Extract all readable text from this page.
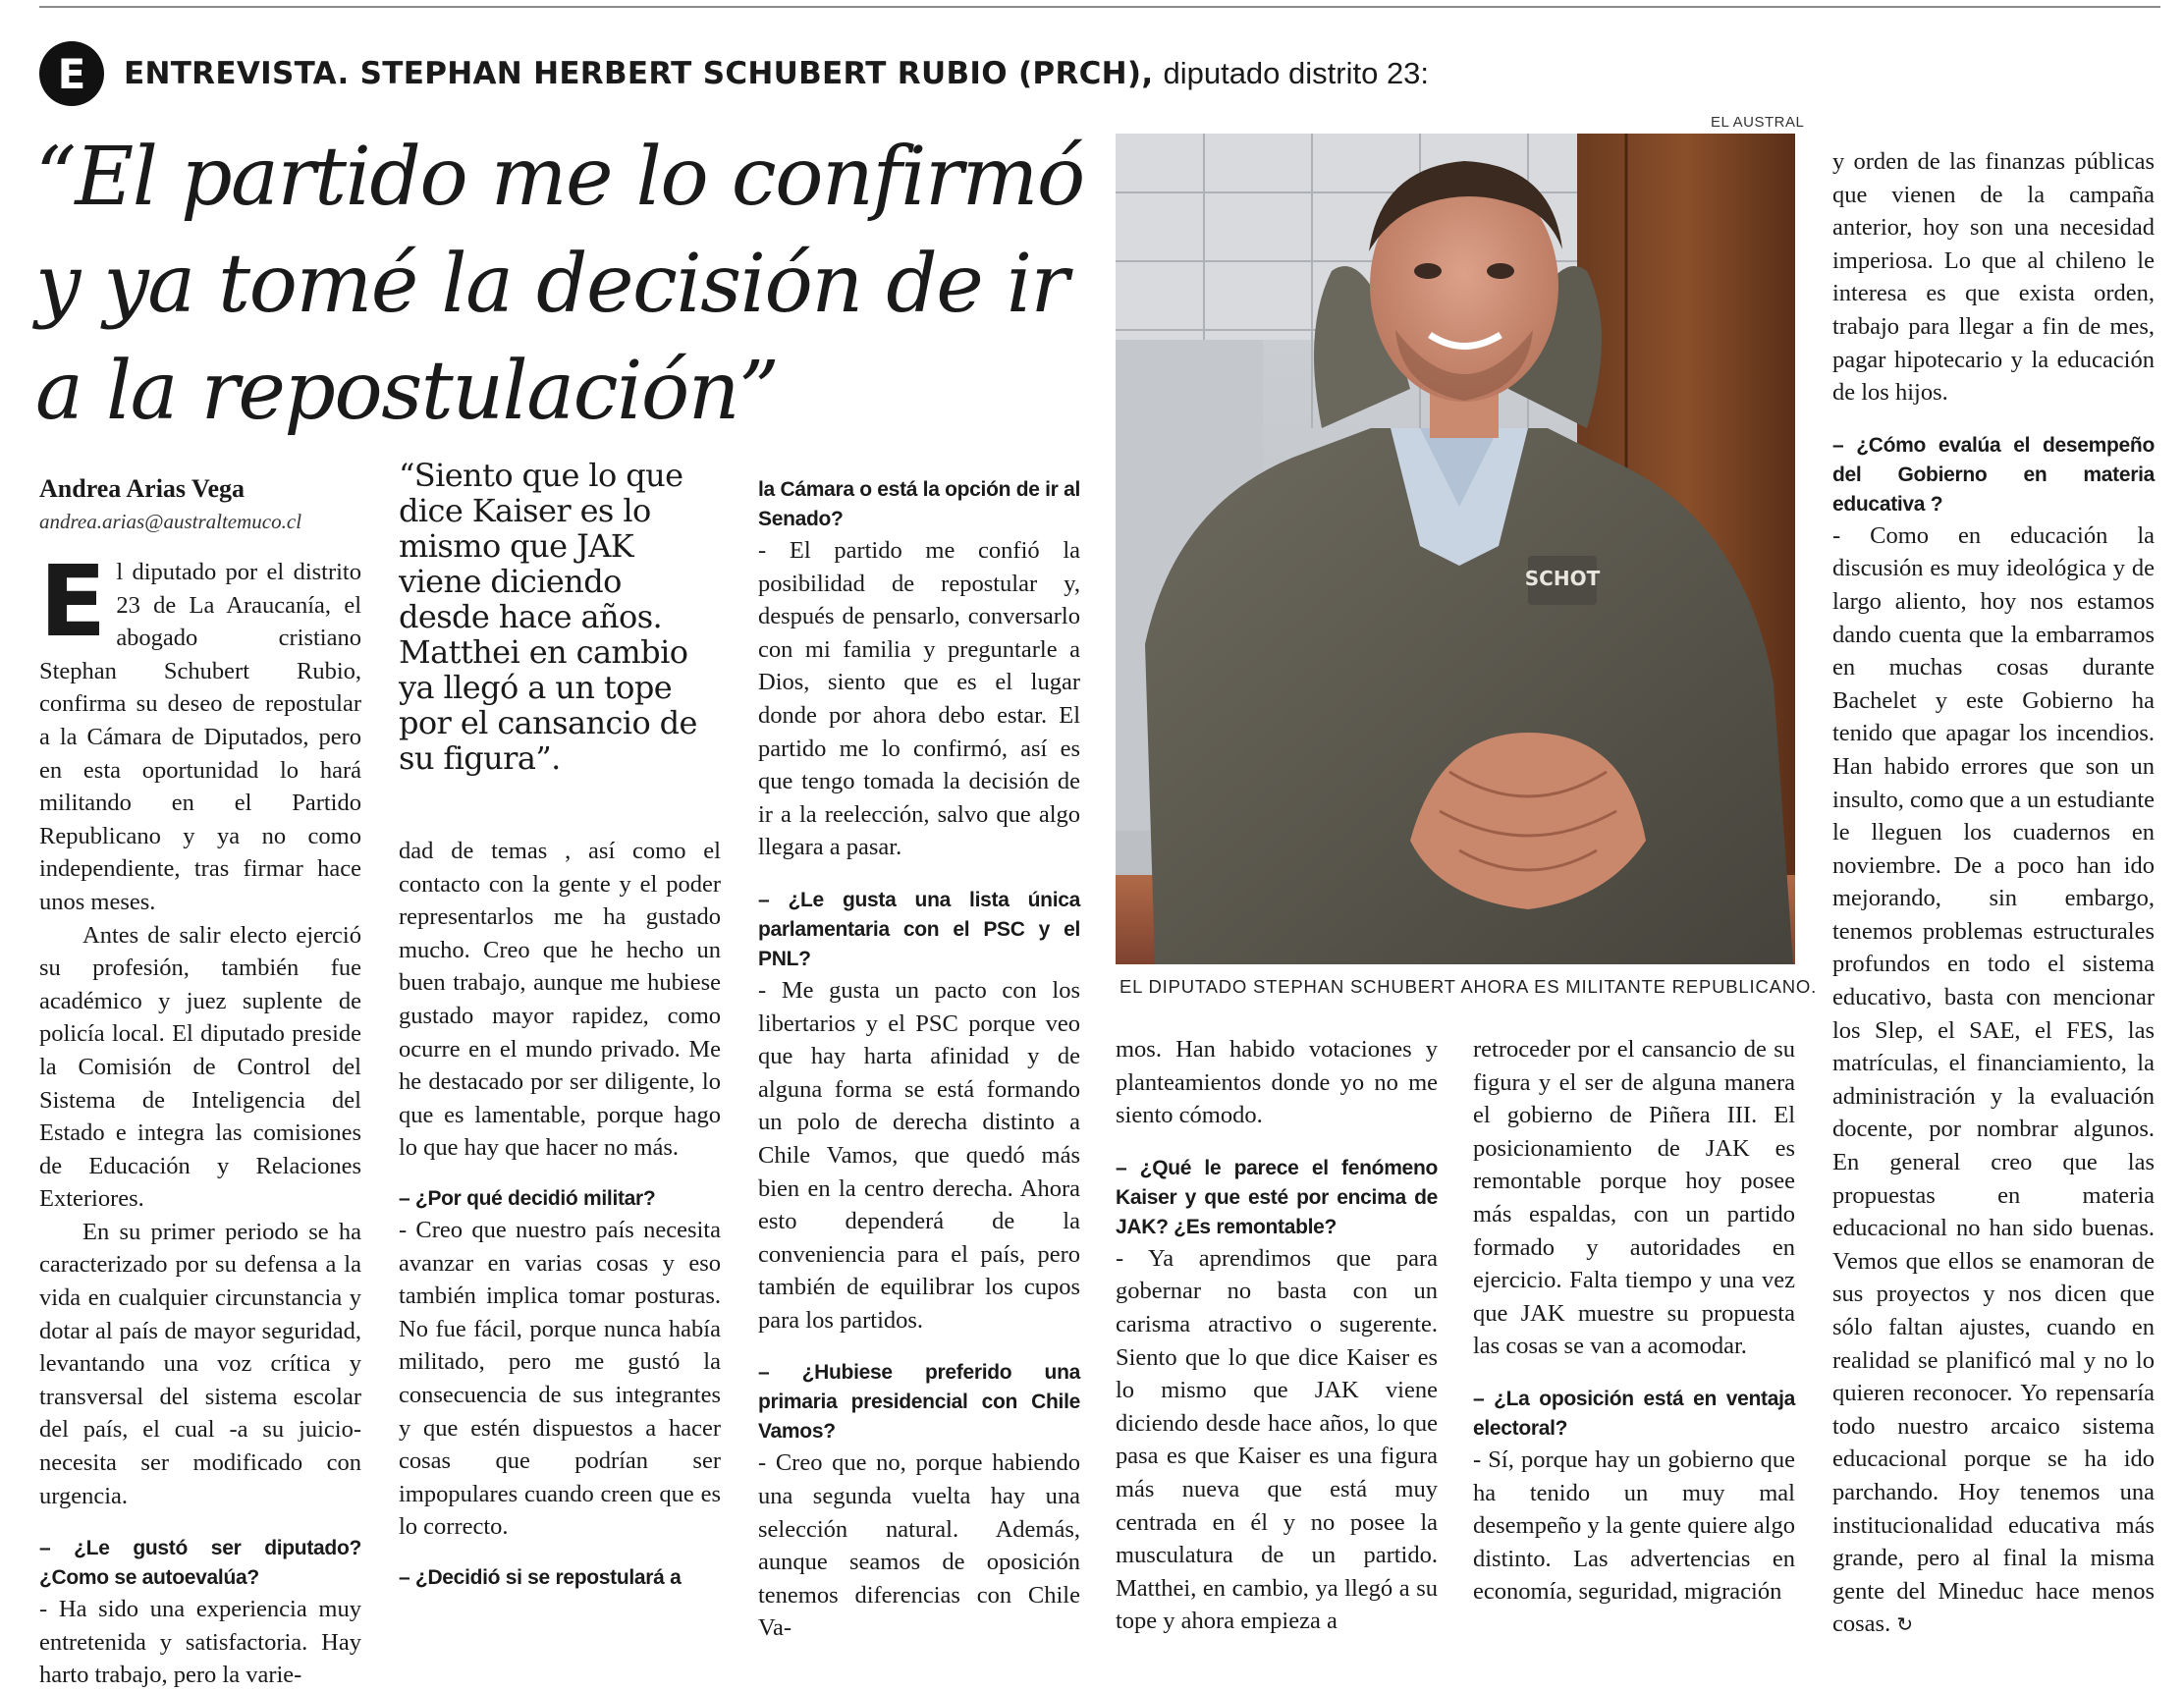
E	ENTREVISTA. STEPHAN HERBERT SCHUBERT RUBIO (PRCH), diputado distrito 23:
“El partido me lo confirmó
y ya tomé la decisión de ir
a la repostulación”
EL AUSTRAL
SCHOT
EL DIPUTADO STEPHAN SCHUBERT AHORA ES MILITANTE REPUBLICANO.
Andrea Arias Vega
andrea.arias@australtemuco.cl

El diputado por el distrito 23 de La Araucanía, el abogado cristiano Stephan Schubert Rubio, confirma su deseo de repostular a la Cámara de Diputados, pero en esta oportunidad lo hará militando en el Partido Republicano y ya no como independiente, tras firmar hace unos meses.

Antes de salir electo ejerció su profesión, también fue académico y juez suplente de policía local. El diputado preside la Comisión de Control del Sistema de Inteligencia del Estado e integra las comisiones de Educación y Relaciones Exteriores.

En su primer periodo se ha caracterizado por su defensa a la vida en cualquier circunstancia y dotar al país de mayor seguridad, levantando una voz crítica y transversal del sistema escolar del país, el cual -a su juicio- necesita ser modificado con urgencia.

– ¿Le gustó ser diputado? ¿Como se autoevalúa?

- Ha sido una experiencia muy entretenida y satisfactoria. Hay harto trabajo, pero la varie-

“Siento que lo que dice Kaiser es lo mismo que JAK viene diciendo desde hace años. Matthei en cambio ya llegó a un tope por el cansancio de su figura”.

dad de temas , así como el contacto con la gente y el poder representarlos me ha gustado mucho. Creo que he hecho un buen trabajo, aunque me hubiese gustado mayor rapidez, como ocurre en el mundo privado. Me he destacado por ser diligente, lo que es lamentable, porque hago lo que hay que hacer no más.

– ¿Por qué decidió militar?

- Creo que nuestro país necesita avanzar en varias cosas y eso también implica tomar posturas. No fue fácil, porque nunca había militado, pero me gustó la consecuencia de sus integrantes y que estén dispuestos a hacer cosas que podrían ser impopulares cuando creen que es lo correcto.

– ¿Decidió si se repostulará a

la Cámara o está la opción de ir al Senado?

- El partido me confió la posibilidad de repostular y, después de pensarlo, conversarlo con mi familia y preguntarle a Dios, siento que es el lugar donde por ahora debo estar. El partido me lo confirmó, así es que tengo tomada la decisión de ir a la reelección, salvo que algo llegara a pasar.

– ¿Le gusta una lista única parlamentaria con el PSC y el PNL?

- Me gusta un pacto con los libertarios y el PSC porque veo que hay harta afinidad y de alguna forma se está formando un polo de derecha distinto a Chile Vamos, que quedó más bien en la centro derecha. Ahora esto dependerá de la conveniencia para el país, pero también de equilibrar los cupos para los partidos.

– ¿Hubiese preferido una primaria presidencial con Chile Vamos?

- Creo que no, porque habiendo una segunda vuelta hay una selección natural. Además, aunque seamos de oposición tenemos diferencias con Chile Va-

mos. Han habido votaciones y planteamientos donde yo no me siento cómodo.

– ¿Qué le parece el fenómeno Kaiser y que esté por encima de JAK? ¿Es remontable?

- Ya aprendimos que para gobernar no basta con un carisma atractivo o sugerente. Siento que lo que dice Kaiser es lo mismo que JAK viene diciendo desde hace años, lo que pasa es que Kaiser es una figura más nueva que está muy centrada en él y no posee la musculatura de un partido. Matthei, en cambio, ya llegó a su tope y ahora empieza a

retroceder por el cansancio de su figura y el ser de alguna manera el gobierno de Piñera III. El posicionamiento de JAK es remontable porque hoy posee más espaldas, con un partido formado y autoridades en ejercicio. Falta tiempo y una vez que JAK muestre su propuesta las cosas se van a acomodar.

– ¿La oposición está en ventaja electoral?

- Sí, porque hay un gobierno que ha tenido un muy mal desempeño y la gente quiere algo distinto. Las advertencias en economía, seguridad, migración

y orden de las finanzas públicas que vienen de la campaña anterior, hoy son una necesidad imperiosa. Lo que al chileno le interesa es que exista orden, trabajo para llegar a fin de mes, pagar hipotecario y la educación de los hijos.

– ¿Cómo evalúa el desempeño del Gobierno en materia educativa ?

- Como en educación la discusión es muy ideológica y de largo aliento, hoy nos estamos dando cuenta que la embarramos en muchas cosas durante Bachelet y este Gobierno ha tenido que apagar los incendios. Han habido errores que son un insulto, como que a un estudiante le lleguen los cuadernos en noviembre. De a poco han ido mejorando, sin embargo, tenemos problemas estructurales profundos en todo el sistema educativo, basta con mencionar los Slep, el SAE, el FES, las matrículas, el financiamiento, la administración y la evaluación docente, por nombrar algunos. En general creo que las propuestas en materia educacional no han sido buenas. Vemos que ellos se enamoran de sus proyectos y nos dicen que sólo faltan ajustes, cuando en realidad se planificó mal y no lo quieren reconocer. Yo repensaría todo nuestro arcaico sistema educacional porque se ha ido parchando. Hoy tenemos una institucionalidad educativa más grande, pero al final la misma gente del Mineduc hace menos cosas. ↻
